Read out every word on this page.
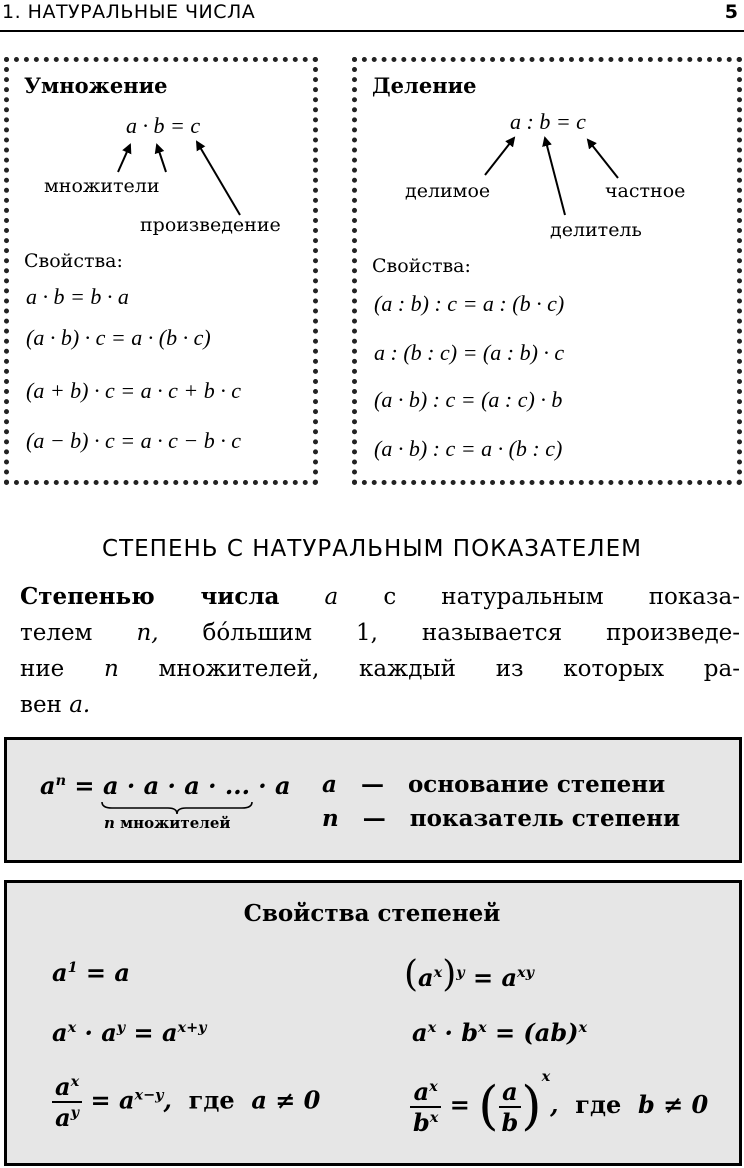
1. НАТУРАЛЬНЫЕ ЧИСЛА	5
Умножение
a · b = c
множители
произведение
Свойства:
a · b = b · a
(a · b) · c = a · (b · c)
(a + b) · c = a · c + b · c
(a − b) · c = a · c − b · c
Деление
a : b = c
делимое	частное
делитель
Свойства:
(a : b) : c = a : (b · c)
a : (b : c) = (a : b) · c
(a · b) : c = (a : c) · b
(a · b) : c = a · (b : c)
СТЕПЕНЬ С НАТУРАЛЬНЫМ ПОКАЗАТЕЛЕМ
Степенью числа a с натуральным показа-
телем n, бо́льшим 1, называется произведе-
ние n множителей, каждый из которых ра-
вен a.
$a^n = a \cdot a \cdot a$ · ... · a
n множителей
a — основание степени
n — показатель степени
Свойства степеней
$a^1 = a$	$(a^x)^y = a^{xy}$
$a^x \cdot a^y = a^{x+y}$	$a^x \cdot b^x = (ab)^x$
$\frac{a^x}{a^y} = a^{x-y}$,  где a ≠ 0	$\frac{a^x}{b^x}$ = ( $\frac{a}{b} )^x$,  где b ≠ 0
